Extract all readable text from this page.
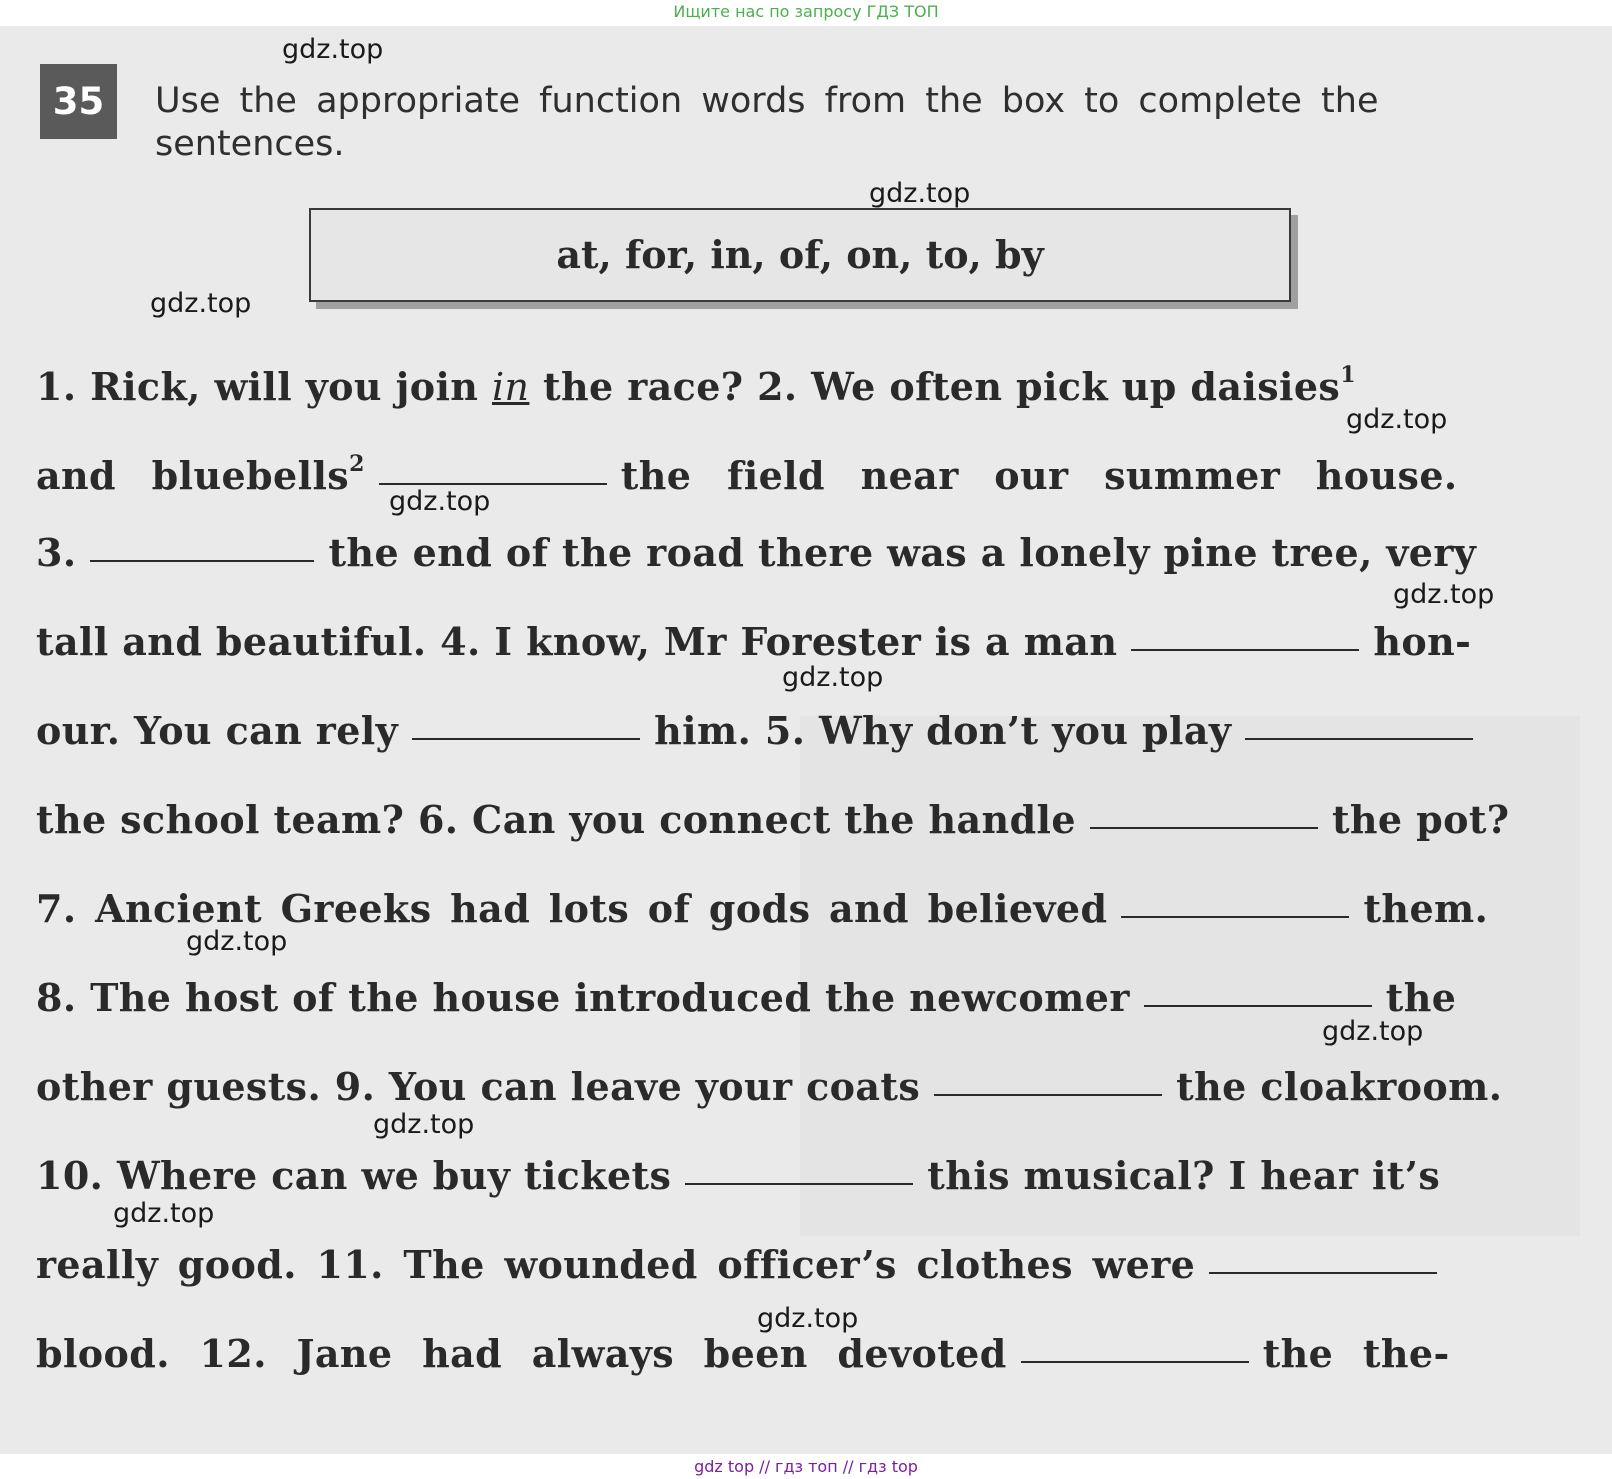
Ищите нас по запросу ГДЗ ТОП
35	Use the appropriate function words from the box to complete the sentences.
at, for, in, of, on, to, by
1. Rick, will you join in the race? 2. We often pick up daisies$^1$
and bluebells$^2$	the field near our summer house.
3.	the end of the road there was a lonely pine tree, very
tall and beautiful. 4. I know, Mr Forester is a man	hon-
our. You can rely	him. 5. Why don’t you play
the school team? 6. Can you connect the handle	the pot?
7. Ancient Greeks had lots of gods and believed	them.
8. The host of the house introduced the newcomer	the
other guests. 9. You can leave your coats	the cloakroom.
10. Where can we buy tickets	this musical? I hear it’s
really good. 11. The wounded officer’s clothes were
blood. 12. Jane had always been devoted	the the-
gdz.top
gdz.top
gdz.top
gdz.top
gdz.top
gdz.top
gdz.top
gdz.top
gdz.top
gdz.top
gdz.top
gdz.top
gdz top // гдз топ // гдз top
